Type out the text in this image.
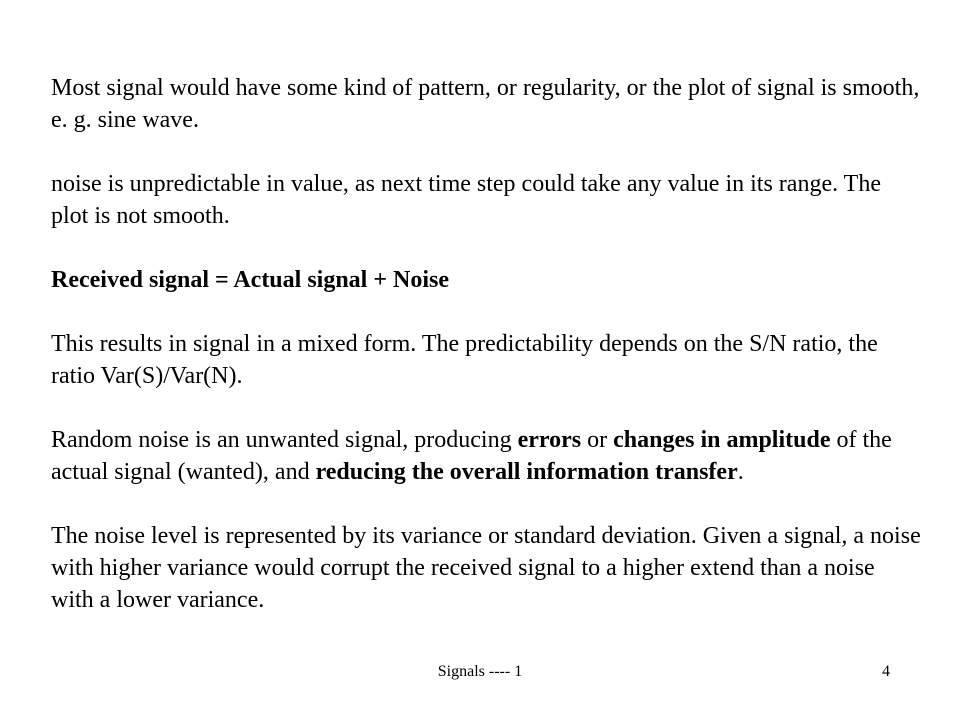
Most signal would have some kind of pattern, or regularity, or the plot of signal is smooth, e. g. sine wave.

noise is unpredictable in value, as next time step could take any value in its range. The plot is not smooth.

Received signal = Actual signal + Noise

This results in signal in a mixed form. The predictability depends on the S/N ratio, the ratio Var(S)/Var(N).

Random noise is an unwanted signal, producing errors or changes in amplitude of the actual signal (wanted), and reducing the overall information transfer.

The noise level is represented by its variance or standard deviation. Given a signal, a noise with higher variance would corrupt the received signal to a higher extend than a noise with a lower variance.

Signals ---- 1	4
